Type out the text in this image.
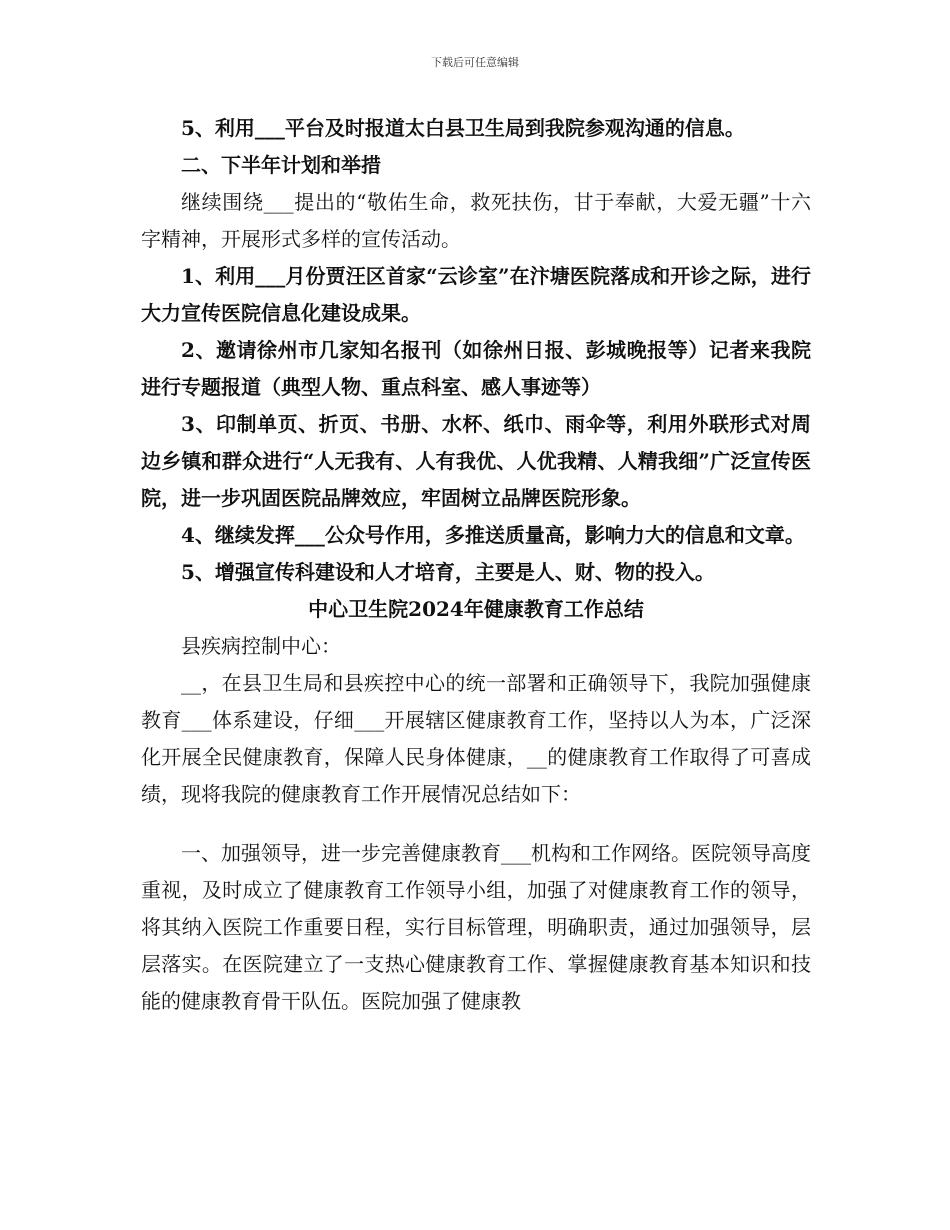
下载后可任意编辑

5、利用___平台及时报道太白县卫生局到我院参观沟通的信息。

二、下半年计划和举措

继续围绕___提出的“敬佑生命，救死扶伤，甘于奉献，大爱无疆”十六字精神，开展形式多样的宣传活动。

1、利用___月份贾汪区首家“云诊室”在汴塘医院落成和开诊之际，进行大力宣传医院信息化建设成果。

2、邀请徐州市几家知名报刊（如徐州日报、彭城晚报等）记者来我院进行专题报道（典型人物、重点科室、感人事迹等）

3、印制单页、折页、书册、水杯、纸巾、雨伞等，利用外联形式对周边乡镇和群众进行“人无我有、人有我优、人优我精、人精我细”广泛宣传医院，进一步巩固医院品牌效应，牢固树立品牌医院形象。

4、继续发挥___公众号作用，多推送质量高，影响力大的信息和文章。

5、增强宣传科建设和人才培育，主要是人、财、物的投入。

中心卫生院2024年健康教育工作总结

县疾病控制中心：

__，在县卫生局和县疾控中心的统一部署和正确领导下，我院加强健康教育___体系建设，仔细___开展辖区健康教育工作，坚持以人为本，广泛深化开展全民健康教育，保障人民身体健康，__的健康教育工作取得了可喜成绩，现将我院的健康教育工作开展情况总结如下：

一、加强领导，进一步完善健康教育___机构和工作网络。医院领导高度重视，及时成立了健康教育工作领导小组，加强了对健康教育工作的领导，将其纳入医院工作重要日程，实行目标管理，明确职责，通过加强领导，层层落实。在医院建立了一支热心健康教育工作、掌握健康教育基本知识和技能的健康教育骨干队伍。医院加强了健康教
